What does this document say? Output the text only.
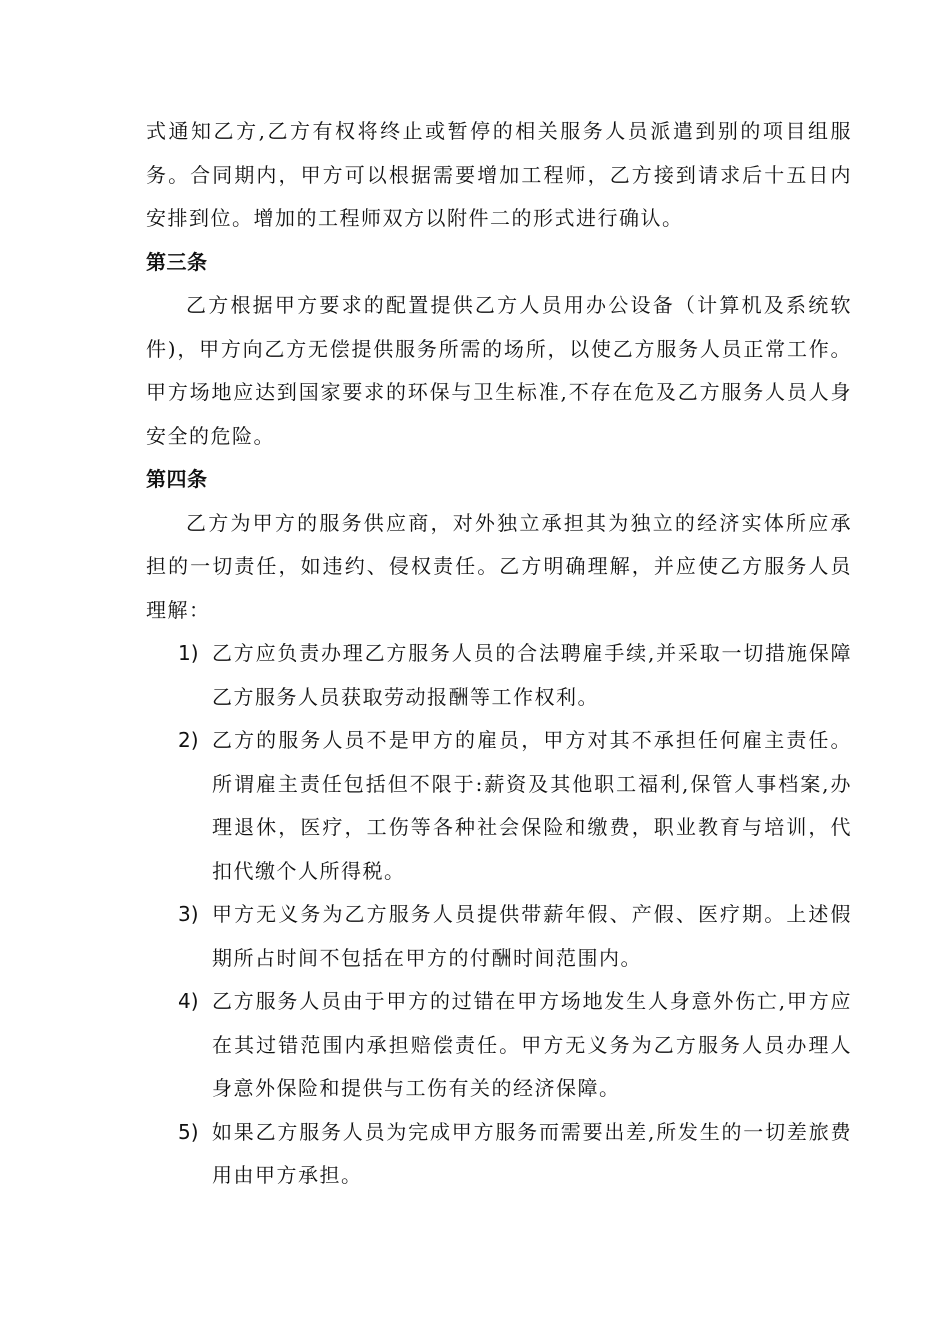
式通知乙方,乙方有权将终止或暂停的相关服务人员派遣到别的项目组服务。合同期内，甲方可以根据需要增加工程师，乙方接到请求后十五日内安排到位。增加的工程师双方以附件二的形式进行确认。

第三条

乙方根据甲方要求的配置提供乙方人员用办公设备（计算机及系统软件)，甲方向乙方无偿提供服务所需的场所，以使乙方服务人员正常工作。甲方场地应达到国家要求的环保与卫生标准,不存在危及乙方服务人员人身安全的危险。

第四条

乙方为甲方的服务供应商，对外独立承担其为独立的经济实体所应承担的一切责任，如违约、侵权责任。乙方明确理解，并应使乙方服务人员理解：

1) 乙方应负责办理乙方服务人员的合法聘雇手续,并采取一切措施保障乙方服务人员获取劳动报酬等工作权利。
2) 乙方的服务人员不是甲方的雇员，甲方对其不承担任何雇主责任。所谓雇主责任包括但不限于:薪资及其他职工福利,保管人事档案,办理退休，医疗，工伤等各种社会保险和缴费，职业教育与培训，代扣代缴个人所得税。
3) 甲方无义务为乙方服务人员提供带薪年假、产假、医疗期。上述假期所占时间不包括在甲方的付酬时间范围内。
4) 乙方服务人员由于甲方的过错在甲方场地发生人身意外伤亡,甲方应在其过错范围内承担赔偿责任。甲方无义务为乙方服务人员办理人身意外保险和提供与工伤有关的经济保障。
5) 如果乙方服务人员为完成甲方服务而需要出差,所发生的一切差旅费用由甲方承担。
